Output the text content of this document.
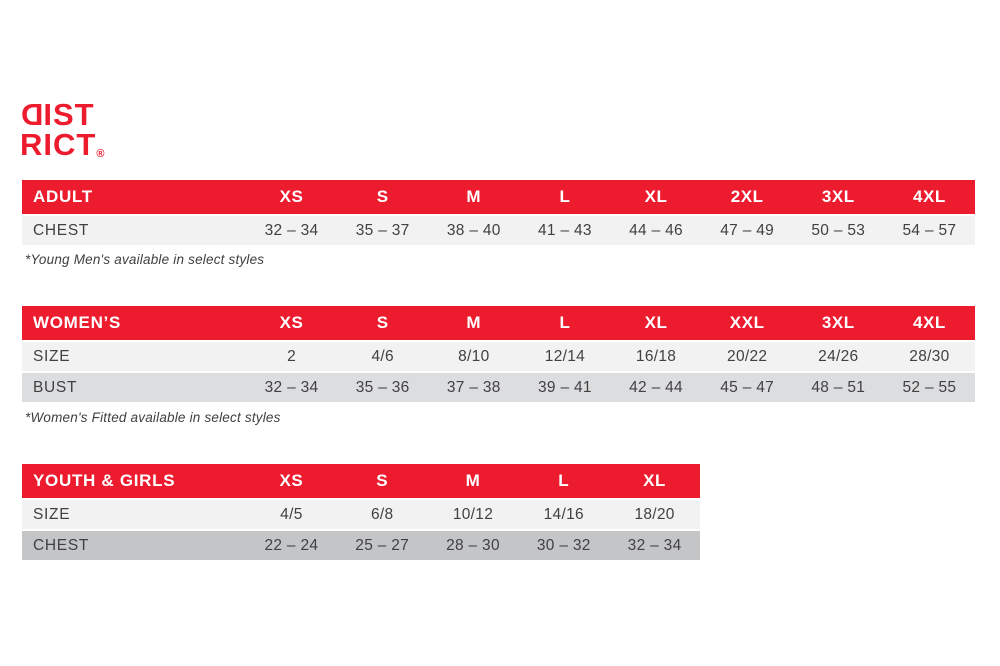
DIST
RICT®
ADULT	XS	S	M	L	XL	2XL	3XL	4XL
CHEST	32 – 34	35 – 37	38 – 40	41 – 43	44 – 46	47 – 49	50 – 53	54 – 57
*Young Men's available in select styles
WOMEN’S	XS	S	M	L	XL	XXL	3XL	4XL
SIZE	2	4/6	8/10	12/14	16/18	20/22	24/26	28/30
BUST	32 – 34	35 – 36	37 – 38	39 – 41	42 – 44	45 – 47	48 – 51	52 – 55
*Women's Fitted available in select styles
YOUTH & GIRLS	XS	S	M	L	XL
SIZE	4/5	6/8	10/12	14/16	18/20
CHEST	22 – 24	25 – 27	28 – 30	30 – 32	32 – 34
